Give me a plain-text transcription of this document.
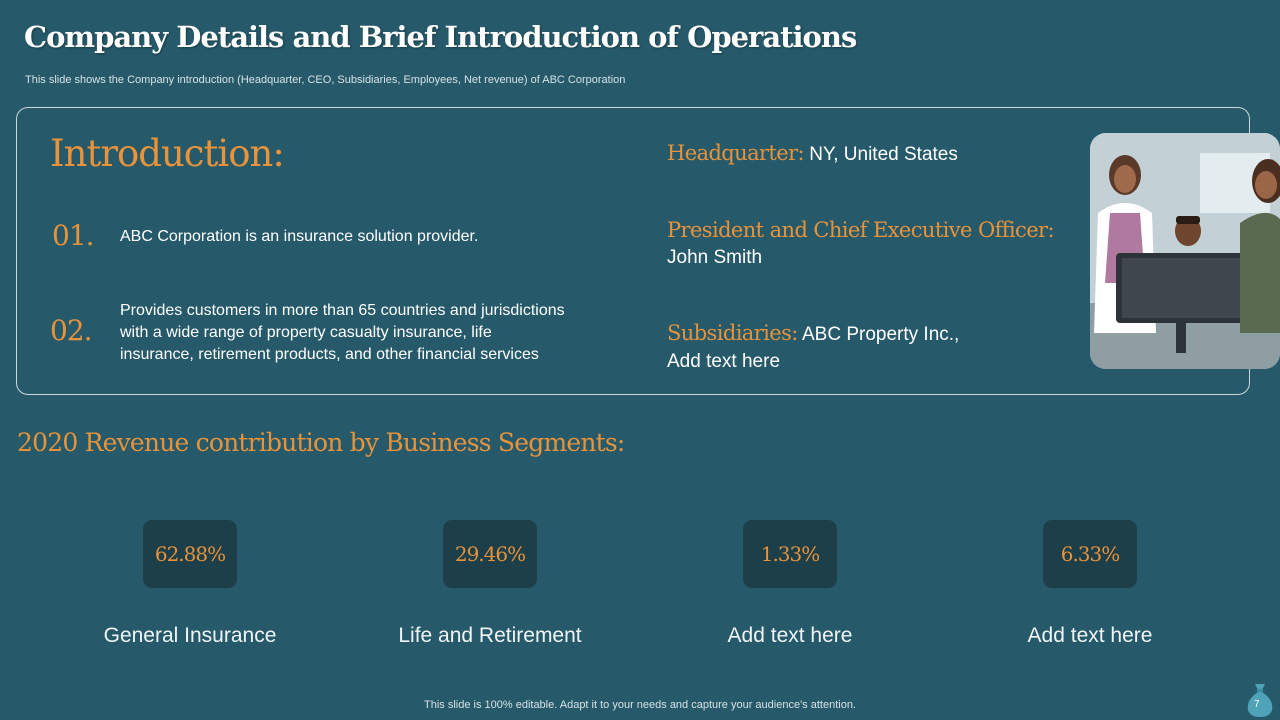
Company Details and Brief Introduction of Operations
This slide shows the Company introduction (Headquarter, CEO, Subsidiaries, Employees, Net revenue) of ABC Corporation
Introduction:
01. ABC Corporation is an insurance solution provider.
02.
Provides customers in more than 65 countries and jurisdictions
with a wide range of property casualty insurance, life
insurance, retirement products, and other financial services
Headquarter: NY, United States
President and Chief Executive Officer:
John Smith
Subsidiaries: ABC Property Inc.,
Add text here
2020 Revenue contribution by Business Segments:
62.88%
General Insurance
29.46%
Life and Retirement
1.33%
Add text here
6.33%
Add text here
This slide is 100% editable. Adapt it to your needs and capture your audience's attention.	7
